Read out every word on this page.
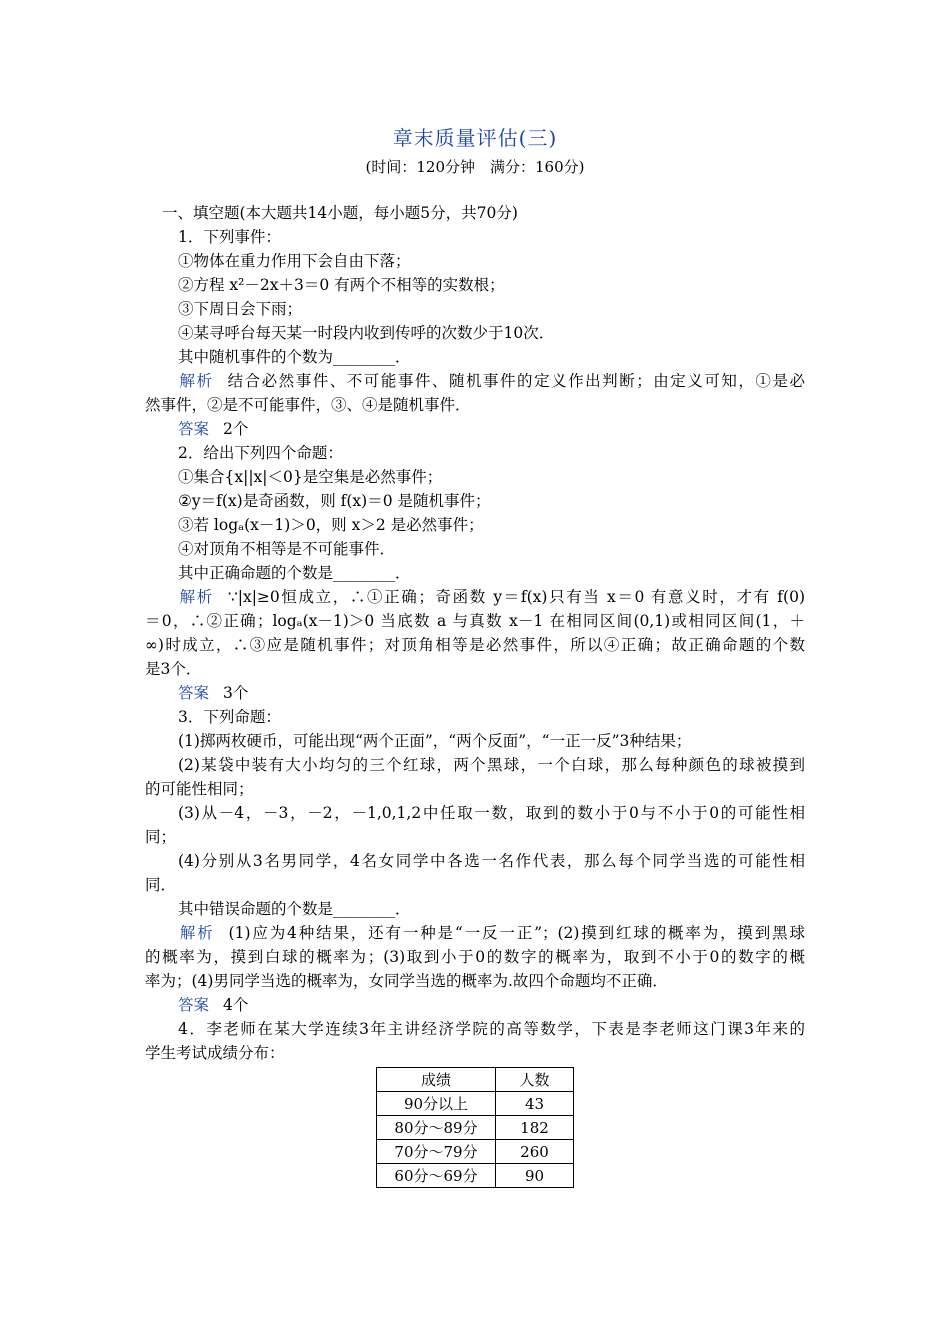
章末质量评估(三)
(时间：120分钟　满分：160分)
一、填空题(本大题共14小题，每小题5分，共70分)
1．下列事件：
①物体在重力作用下会自由下落；
②方程 x²－2x＋3＝0 有两个不相等的实数根；
③下周日会下雨；
④某寻呼台每天某一时段内收到传呼的次数少于10次．
其中随机事件的个数为________．
解析 结合必然事件、不可能事件、随机事件的定义作出判断；由定义可知，①是必
然事件，②是不可能事件，③、④是随机事件．
答案 2个
2．给出下列四个命题：
①集合{x||x|＜0}是空集是必然事件；
②y＝f(x)是奇函数，则 f(x)＝0 是随机事件；
③若 logₐ(x－1)＞0，则 x＞2 是必然事件；
④对顶角不相等是不可能事件．
其中正确命题的个数是________．
解析 ∵|x|≥0恒成立，∴①正确；奇函数 y＝f(x)只有当 x＝0 有意义时，才有 f(0)
＝0，∴②正确；logₐ(x－1)＞0 当底数 a 与真数 x－1 在相同区间(0,1)或相同区间(1，＋
∞)时成立，∴③应是随机事件；对顶角相等是必然事件，所以④正确；故正确命题的个数
是3个．
答案 3个
3．下列命题：
(1)掷两枚硬币，可能出现“两个正面”，“两个反面”，“一正一反”3种结果；
(2)某袋中装有大小均匀的三个红球，两个黑球，一个白球，那么每种颜色的球被摸到
的可能性相同；
(3)从－4，－3，－2，－1,0,1,2中任取一数，取到的数小于0与不小于0的可能性相
同；
(4)分别从3名男同学，4名女同学中各选一名作代表，那么每个同学当选的可能性相
同．
其中错误命题的个数是________．
解析 (1)应为4种结果，还有一种是“一反一正”；(2)摸到红球的概率为，摸到黑球
的概率为，摸到白球的概率为；(3)取到小于0的数字的概率为，取到不小于0的数字的概
率为；(4)男同学当选的概率为，女同学当选的概率为.故四个命题均不正确．
答案 4个
4．李老师在某大学连续3年主讲经济学院的高等数学，下表是李老师这门课3年来的
学生考试成绩分布：
成绩	人数
90分以上	43
80分～89分	182
70分～79分	260
60分～69分	90
